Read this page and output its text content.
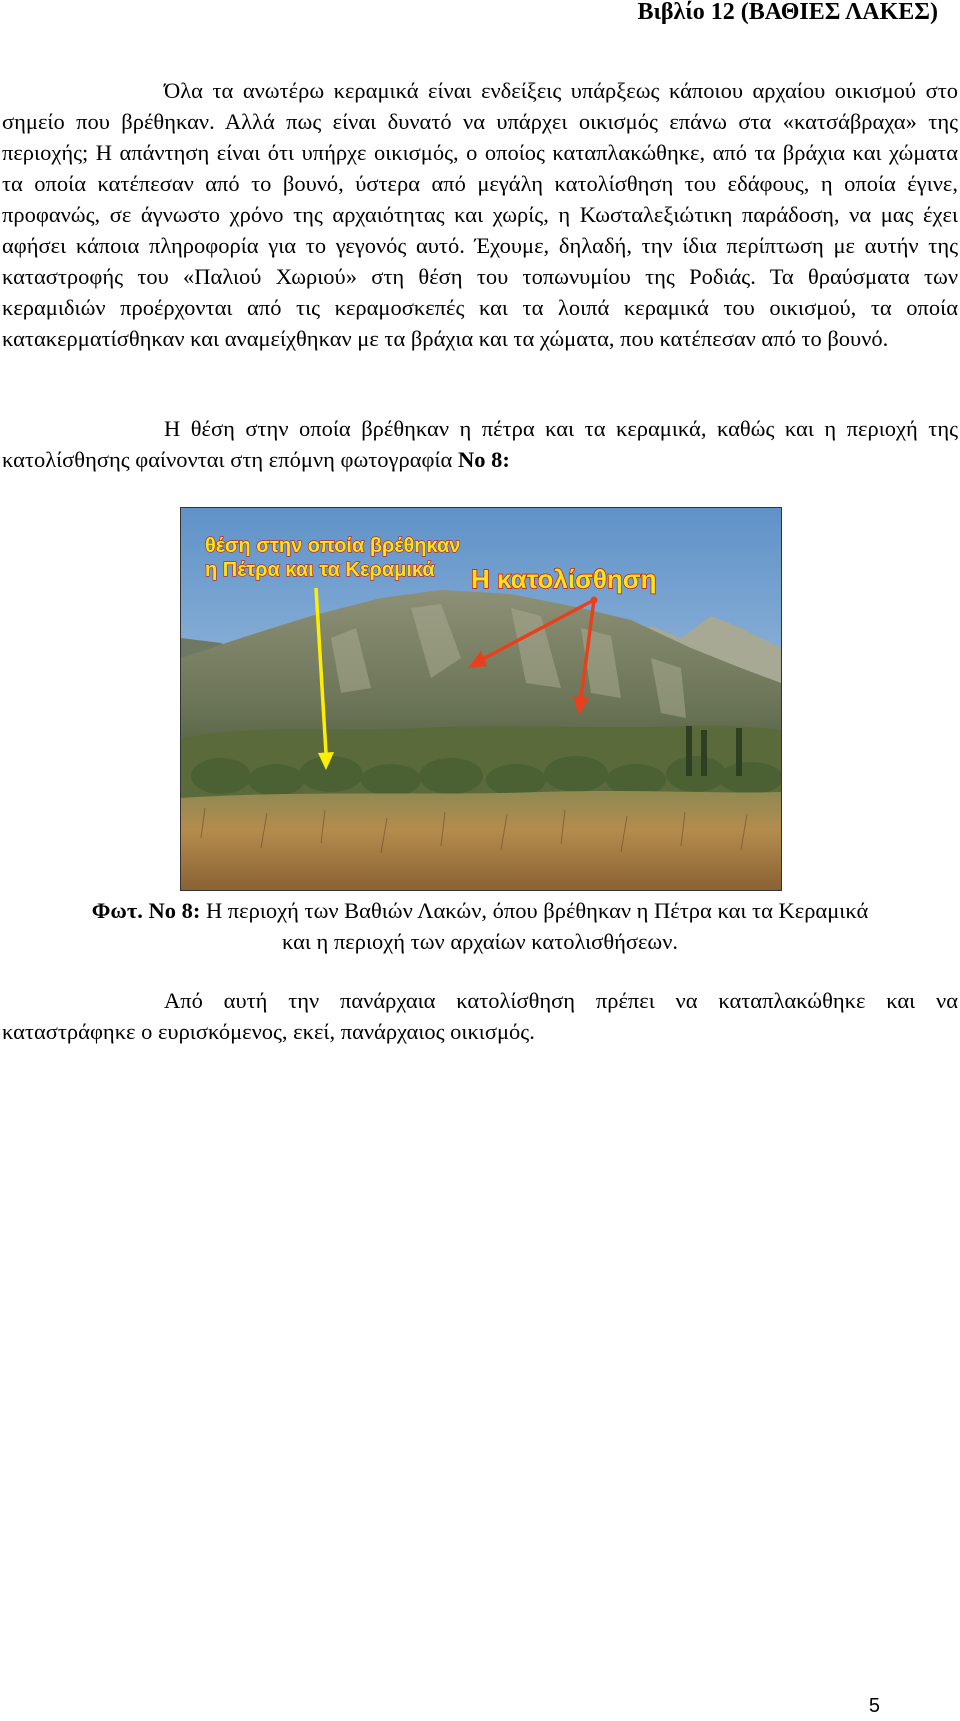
Βιβλίο 12 (ΒΑΘΙΕΣ ΛΑΚΕΣ)

Όλα τα ανωτέρω κεραμικά είναι ενδείξεις υπάρξεως κάποιου αρχαίου οικισμού στο σημείο που βρέθηκαν. Αλλά πως είναι δυνατό να υπάρχει οικισμός επάνω στα «κατσάβραχα» της περιοχής; Η απάντηση είναι ότι υπήρχε οικισμός, ο οποίος καταπλακώθηκε, από τα βράχια και χώματα τα οποία κατέπεσαν από το βουνό, ύστερα από μεγάλη κατολίσθηση του εδάφους, η οποία έγινε, προφανώς, σε άγνωστο χρόνο της αρχαιότητας και χωρίς, η Κωσταλεξιώτικη παράδοση, να μας έχει αφήσει κάποια πληροφορία για το γεγονός αυτό. Έχουμε, δηλαδή, την ίδια περίπτωση με αυτήν της καταστροφής του «Παλιού Χωριού» στη θέση του τοπωνυμίου της Ροδιάς. Τα θραύσματα των κεραμιδιών προέρχονται από τις κεραμοσκεπές και τα λοιπά κεραμικά του οικισμού, τα οποία κατακερματίσθηκαν και αναμείχθηκαν με τα βράχια και τα χώματα, που κατέπεσαν από το βουνό.

Η θέση στην οποία βρέθηκαν η πέτρα και τα κεραμικά, καθώς και η περιοχή της κατολίσθησης φαίνονται στη επόμνη φωτογραφία Νο 8:

θέση στην οποία βρέθηκαν
η Πέτρα και τα Κεραμικά Η κατολίσθηση
Φωτ. Νο 8: Η περιοχή των Βαθιών Λακών, όπου βρέθηκαν η Πέτρα και τα Κεραμικά
και η περιοχή των αρχαίων κατολισθήσεων.

Από αυτή την πανάρχαια κατολίσθηση πρέπει να καταπλακώθηκε και να καταστράφηκε ο ευρισκόμενος, εκεί, πανάρχαιος οικισμός.

5
